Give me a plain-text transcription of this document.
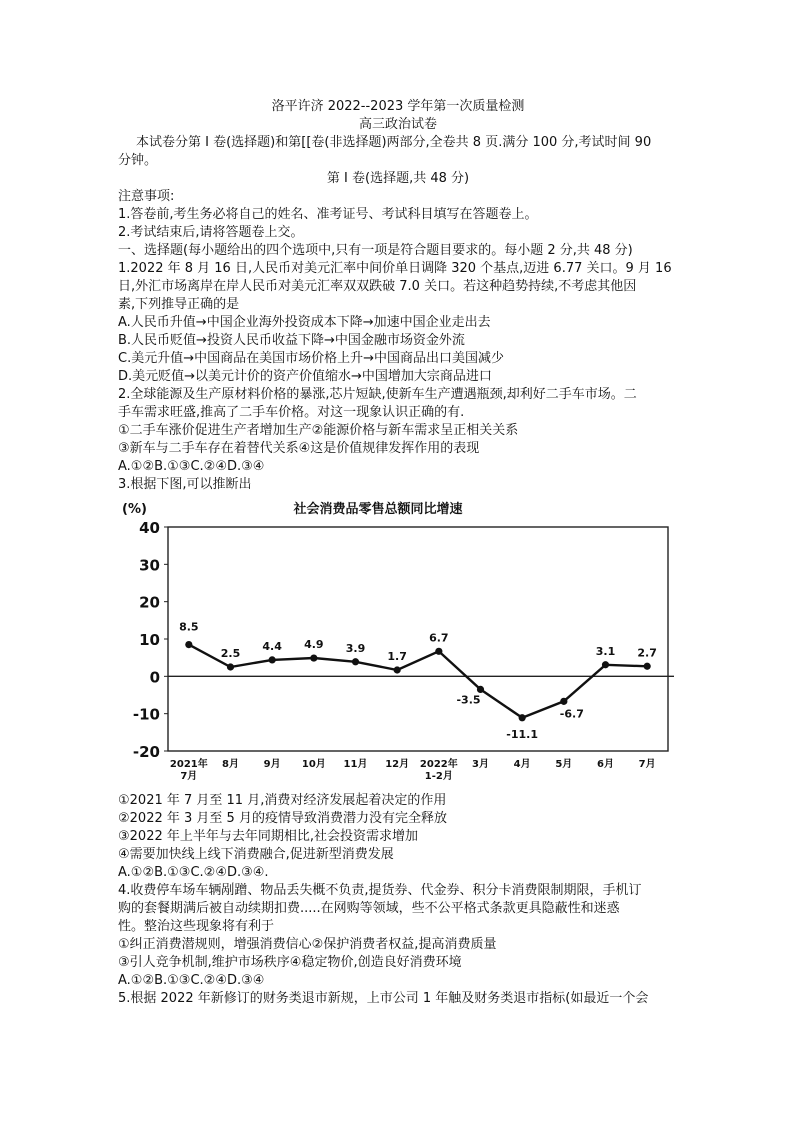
洛平许济 2022--2023 学年第一次质量检测
高三政治试卷
本试卷分第 I 卷(选择题)和第[[卷(非选择题)两部分,全卷共 8 页.满分 100 分,考试时间 90
分钟。
第 I 卷(选择题,共 48 分)
注意事项:
1.答卷前,考生务必将自己的姓名、准考证号、考试科目填写在答题卷上。
2.考试结束后,请将答题卷上交。
一、选择题(每小题给出的四个选项中,只有一项是符合题目要求的。每小题 2 分,共 48 分)
1.2022 年 8 月 16 日,人民币对美元汇率中间价单日调降 320 个基点,迈进 6.77 关口。9 月 16
日,外汇市场离岸在岸人民币对美元汇率双双跌破 7.0 关口。若这种趋势持续,不考虑其他因
素,下列推导正确的是
A.人民币升值→中国企业海外投资成本下降→加速中国企业走出去
B.人民币贬值→投资人民币收益下降→中国金融市场资金外流
C.美元升值→中国商品在美国市场价格上升→中国商品出口美国减少
D.美元贬值→以美元计价的资产价值缩水→中国增加大宗商品进口
2.全球能源及生产原材料价格的暴涨,芯片短缺,使新车生产遭遇瓶颈,却利好二手车市场。二
手车需求旺盛,推高了二手车价格。对这一现象认识正确的有.
①二手车涨价促进生产者增加生产②能源价格与新车需求呈正相关关系
③新车与二手车存在着替代关系④这是价值规律发挥作用的表现
A.①②B.①③C.②④D.③④
3.根据下图,可以推断出
社会消费品零售总额同比增速
(%)
40
30
20
10
0
-10
-20
2021年 7月
8月 9月 10月 11月 12月 2022年 1-2月
3月 4月 5月 6月 7月
8.5
2.5
4.4 4.9 3.9
1.7
6.7
-3.5
-11.1
-6.7
3.1 2.7
①2021 年 7 月至 11 月,消费对经济发展起着决定的作用
②2022 年 3 月至 5 月的疫情导致消费潜力没有完全释放
③2022 年上半年与去年同期相比,社会投资需求增加
④需要加快线上线下消费融合,促进新型消费发展
A.①②B.①③C.②④D.③④.
4.收费停车场车辆剐蹭、物品丢失概不负责,提货券、代金券、积分卡消费限制期限，手机订
购的套餐期满后被自动续期扣费.....在网购等领域，些不公平格式条款更具隐蔽性和迷惑
性。整治这些现象将有利于
①纠正消费潜规则，增强消费信心②保护消费者权益,提高消费质量
③引人竞争机制,维护市场秩序④稳定物价,创造良好消费环境
A.①②B.①③C.②④D.③④
5.根据 2022 年新修订的财务类退市新规，上市公司 1 年触及财务类退市指标(如最近一个会
